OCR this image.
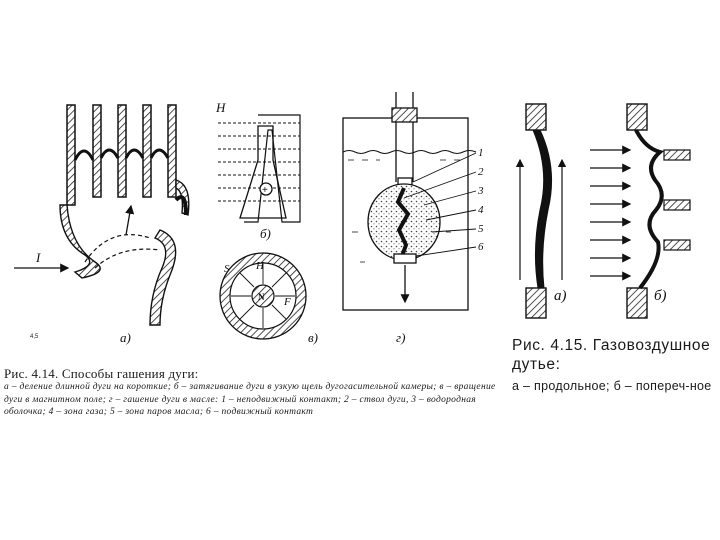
I
а)
4,5
H
+
б)
N
H
S
F
в)
1
2
3
4
5
6
г)
а)	б)

Рис. 4.14. Способы гашения дуги:

а – деление длинной дуги на короткие; б – затягивание дуги в узкую щель дугогасительной камеры; в – вращение дуги в магнитном поле; г – гашение дуги в масле: 1 – неподвижный контакт; 2 – ствол дуги, 3 – водородная оболочка; 4 – зона газа; 5 – зона паров масла; 6 – подвижный контакт

Рис. 4.15. Газовоздушное дутье:

а – продольное; б – попереч-ное
